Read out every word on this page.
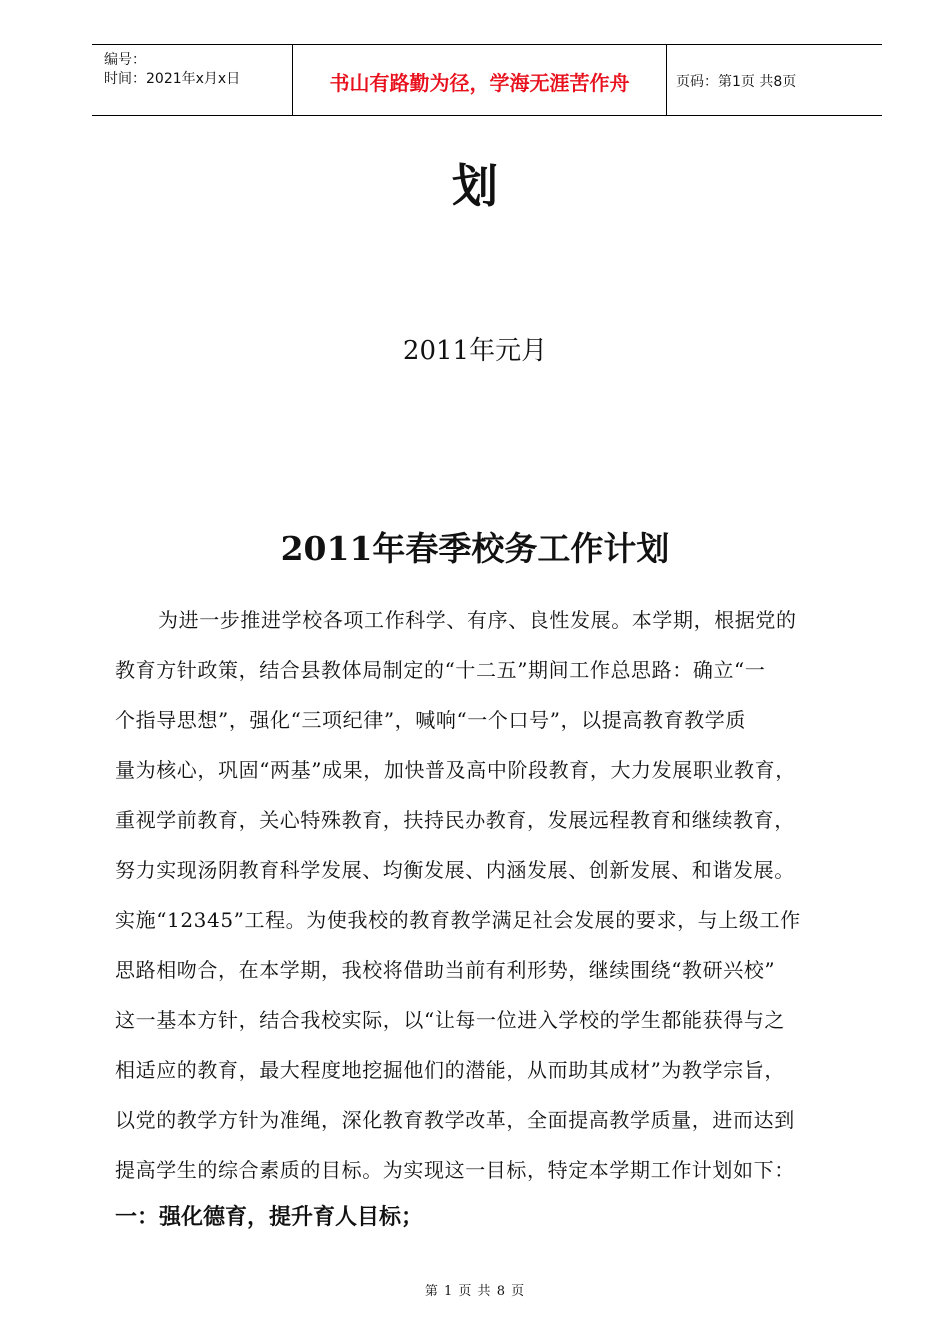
编号：
时间：2021年x月x日	书山有路勤为径，学海无涯苦作舟	页码：第1页 共8页
划
2011年元月
2011年春季校务工作计划
为进一步推进学校各项工作科学、有序、良性发展。本学期，根据党的
教育方针政策，结合县教体局制定的“十二五”期间工作总思路：确立“一
个指导思想”，强化“三项纪律”，喊响“一个口号”，以提高教育教学质
量为核心，巩固“两基”成果，加快普及高中阶段教育，大力发展职业教育，
重视学前教育，关心特殊教育，扶持民办教育，发展远程教育和继续教育，
努力实现汤阴教育科学发展、均衡发展、内涵发展、创新发展、和谐发展。
实施“12345”工程。为使我校的教育教学满足社会发展的要求，与上级工作
思路相吻合，在本学期，我校将借助当前有利形势，继续围绕“教研兴校”
这一基本方针，结合我校实际，以“让每一位进入学校的学生都能获得与之
相适应的教育，最大程度地挖掘他们的潜能，从而助其成材”为教学宗旨，
以党的教学方针为准绳，深化教育教学改革，全面提高教学质量，进而达到
提高学生的综合素质的目标。为实现这一目标，特定本学期工作计划如下：
一：强化德育，提升育人目标；
第 1 页 共 8 页
